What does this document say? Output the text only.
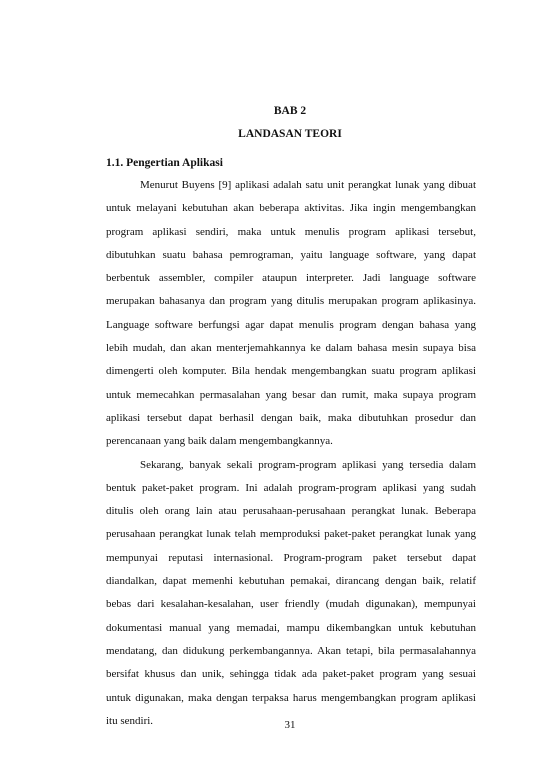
BAB 2
LANDASAN TEORI
1.1. Pengertian Aplikasi

Menurut Buyens [9] aplikasi adalah satu unit perangkat lunak yang dibuat untuk melayani kebutuhan akan beberapa aktivitas. Jika ingin mengembangkan program aplikasi sendiri, maka untuk menulis program aplikasi tersebut, dibutuhkan suatu bahasa pemrograman, yaitu language software, yang dapat berbentuk assembler, compiler ataupun interpreter. Jadi language software merupakan bahasanya dan program yang ditulis merupakan program aplikasinya. Language software berfungsi agar dapat menulis program dengan bahasa yang lebih mudah, dan akan menterjemahkannya ke dalam bahasa mesin supaya bisa dimengerti oleh komputer. Bila hendak mengembangkan suatu program aplikasi untuk memecahkan permasalahan yang besar dan rumit, maka supaya program aplikasi tersebut dapat berhasil dengan baik, maka dibutuhkan prosedur dan perencanaan yang baik dalam mengembangkannya.

Sekarang, banyak sekali program-program aplikasi yang tersedia dalam bentuk paket-paket program. Ini adalah program-program aplikasi yang sudah ditulis oleh orang lain atau perusahaan-perusahaan perangkat lunak. Beberapa perusahaan perangkat lunak telah memproduksi paket-paket perangkat lunak yang mempunyai reputasi internasional. Program-program paket tersebut dapat diandalkan, dapat memenhi kebutuhan pemakai, dirancang dengan baik, relatif bebas dari kesalahan-kesalahan, user friendly (mudah digunakan), mempunyai dokumentasi manual yang memadai, mampu dikembangkan untuk kebutuhan mendatang, dan didukung perkembangannya. Akan tetapi, bila permasalahannya bersifat khusus dan unik, sehingga tidak ada paket-paket program yang sesuai untuk digunakan, maka dengan terpaksa harus mengembangkan program aplikasi itu sendiri.	31
